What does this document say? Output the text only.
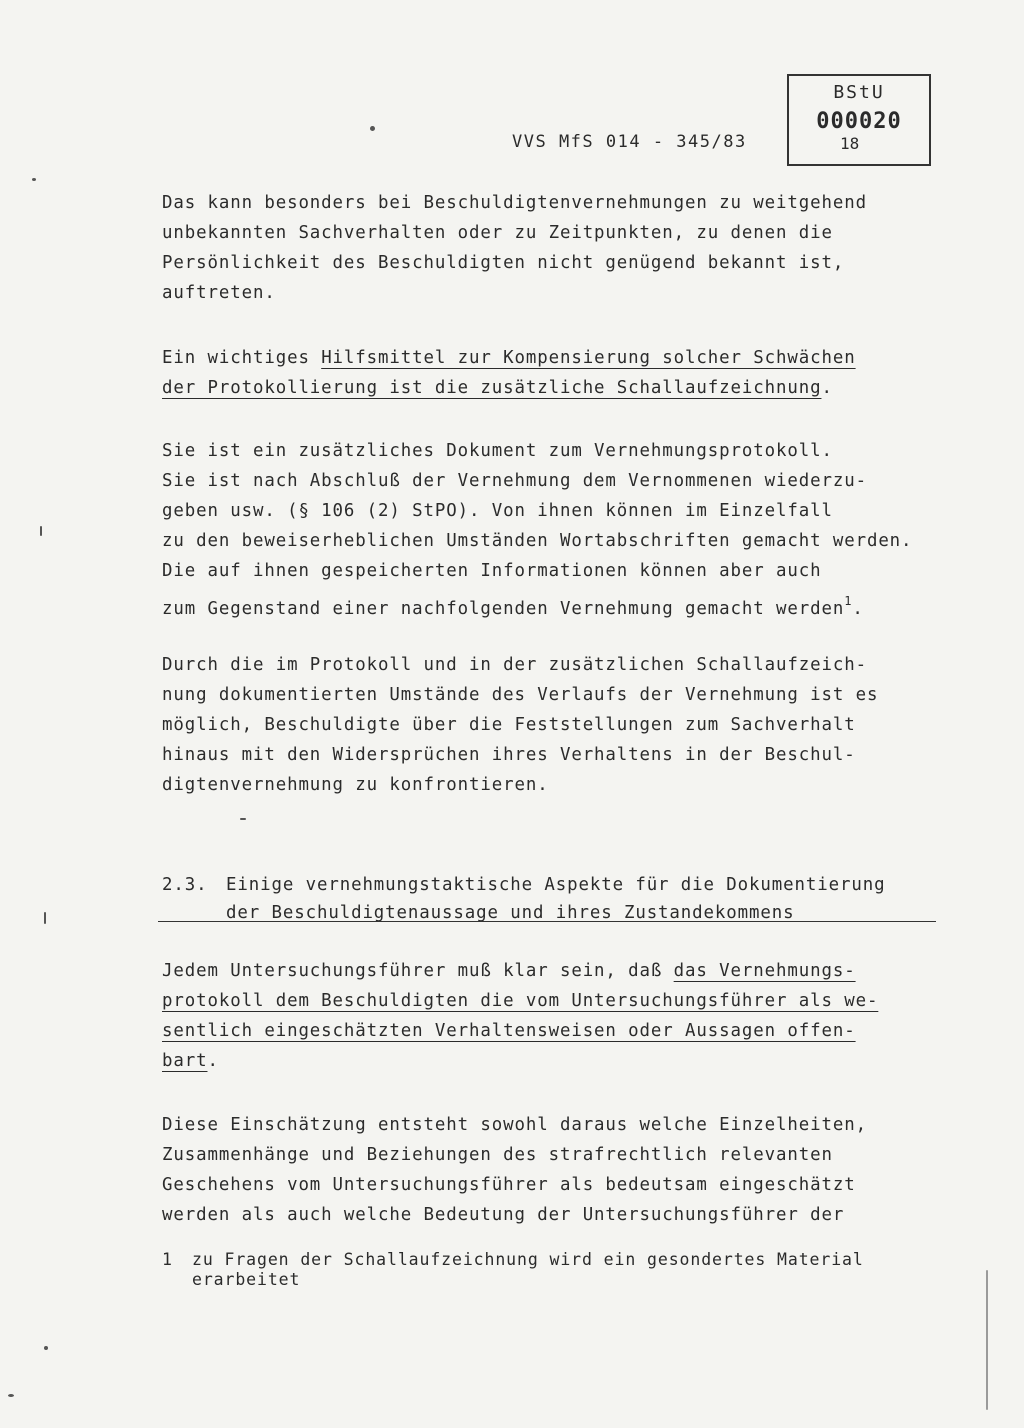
VVS MfS 014 - 345/83
BStU
000020
18

Das kann besonders bei Beschuldigtenvernehmungen zu weitgehend
unbekannten Sachverhalten oder zu Zeitpunkten, zu denen die
Persönlichkeit des Beschuldigten nicht genügend bekannt ist,
auftreten.

Ein wichtiges Hilfsmittel zur Kompensierung solcher Schwächen
der Protokollierung ist die zusätzliche Schallaufzeichnung.

Sie ist ein zusätzliches Dokument zum Vernehmungsprotokoll.
Sie ist nach Abschluß der Vernehmung dem Vernommenen wiederzu-
geben usw. (§ 106 (2) StPO). Von ihnen können im Einzelfall
zu den beweiserheblichen Umständen Wortabschriften gemacht werden. Die auf ihnen gespeicherten Informationen können aber auch
zum Gegenstand einer nachfolgenden Vernehmung gemacht werden$^1$.

Durch die im Protokoll und in der zusätzlichen Schallaufzeich-
nung dokumentierten Umstände des Verlaufs der Vernehmung ist es
möglich, Beschuldigte über die Feststellungen zum Sachverhalt
hinaus mit den Widersprüchen ihres Verhaltens in der Beschul-
digtenvernehmung zu konfrontieren.

2.3. Einige vernehmungstaktische Aspekte für die Dokumentierung
der Beschuldigtenaussage und ihres Zustandekommens

Jedem Untersuchungsführer muß klar sein, daß das Vernehmungs-
protokoll dem Beschuldigten die vom Untersuchungsführer als we-
sentlich eingeschätzten Verhaltensweisen oder Aussagen offen-
bart.

Diese Einschätzung entsteht sowohl daraus welche Einzelheiten,
Zusammenhänge und Beziehungen des strafrechtlich relevanten
Geschehens vom Untersuchungsführer als bedeutsam eingeschätzt
werden als auch welche Bedeutung der Untersuchungsführer der

1 zu Fragen der Schallaufzeichnung wird ein gesondertes Material
erarbeitet
